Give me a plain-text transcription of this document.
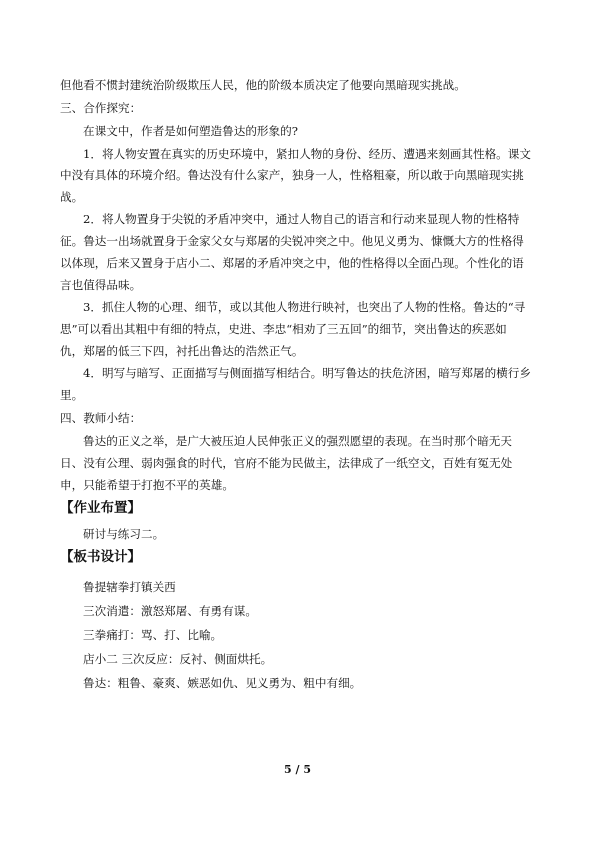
但他看不惯封建统治阶级欺压人民，他的阶级本质决定了他要向黑暗现实挑战。
三、合作探究：
在课文中，作者是如何塑造鲁达的形象的?
1．将人物安置在真实的历史环境中，紧扣人物的身份、经历、遭遇来刻画其性格。课文
中没有具体的环境介绍。鲁达没有什么家产，独身一人，性格粗豪，所以敢于向黑暗现实挑
战。
2．将人物置身于尖锐的矛盾冲突中，通过人物自己的语言和行动来显现人物的性格特
征。鲁达一出场就置身于金家父女与郑屠的尖锐冲突之中。他见义勇为、慷慨大方的性格得
以体现，后来又置身于店小二、郑屠的矛盾冲突之中，他的性格得以全面凸现。个性化的语
言也值得品味。
3．抓住人物的心理、细节，或以其他人物进行映衬，也突出了人物的性格。鲁达的“寻
思”可以看出其粗中有细的特点，史进、李忠“相劝了三五回”的细节，突出鲁达的疾恶如
仇，郑屠的低三下四，衬托出鲁达的浩然正气。
4．明写与暗写、正面描写与侧面描写相结合。明写鲁达的扶危济困，暗写郑屠的横行乡
里。
四、教师小结：
鲁达的正义之举，是广大被压迫人民伸张正义的强烈愿望的表现。在当时那个暗无天
日、没有公理、弱肉强食的时代，官府不能为民做主，法律成了一纸空文，百姓有冤无处
申，只能希望于打抱不平的英雄。
【作业布置】
研讨与练习二。
【板书设计】
鲁提辖拳打镇关西
三次消遣：激怒郑屠、有勇有谋。
三拳痛打：骂、打、比喻。
店小二 三次反应：反衬、侧面烘托。
鲁达：粗鲁、豪爽、嫉恶如仇、见义勇为、粗中有细。
5 / 5
